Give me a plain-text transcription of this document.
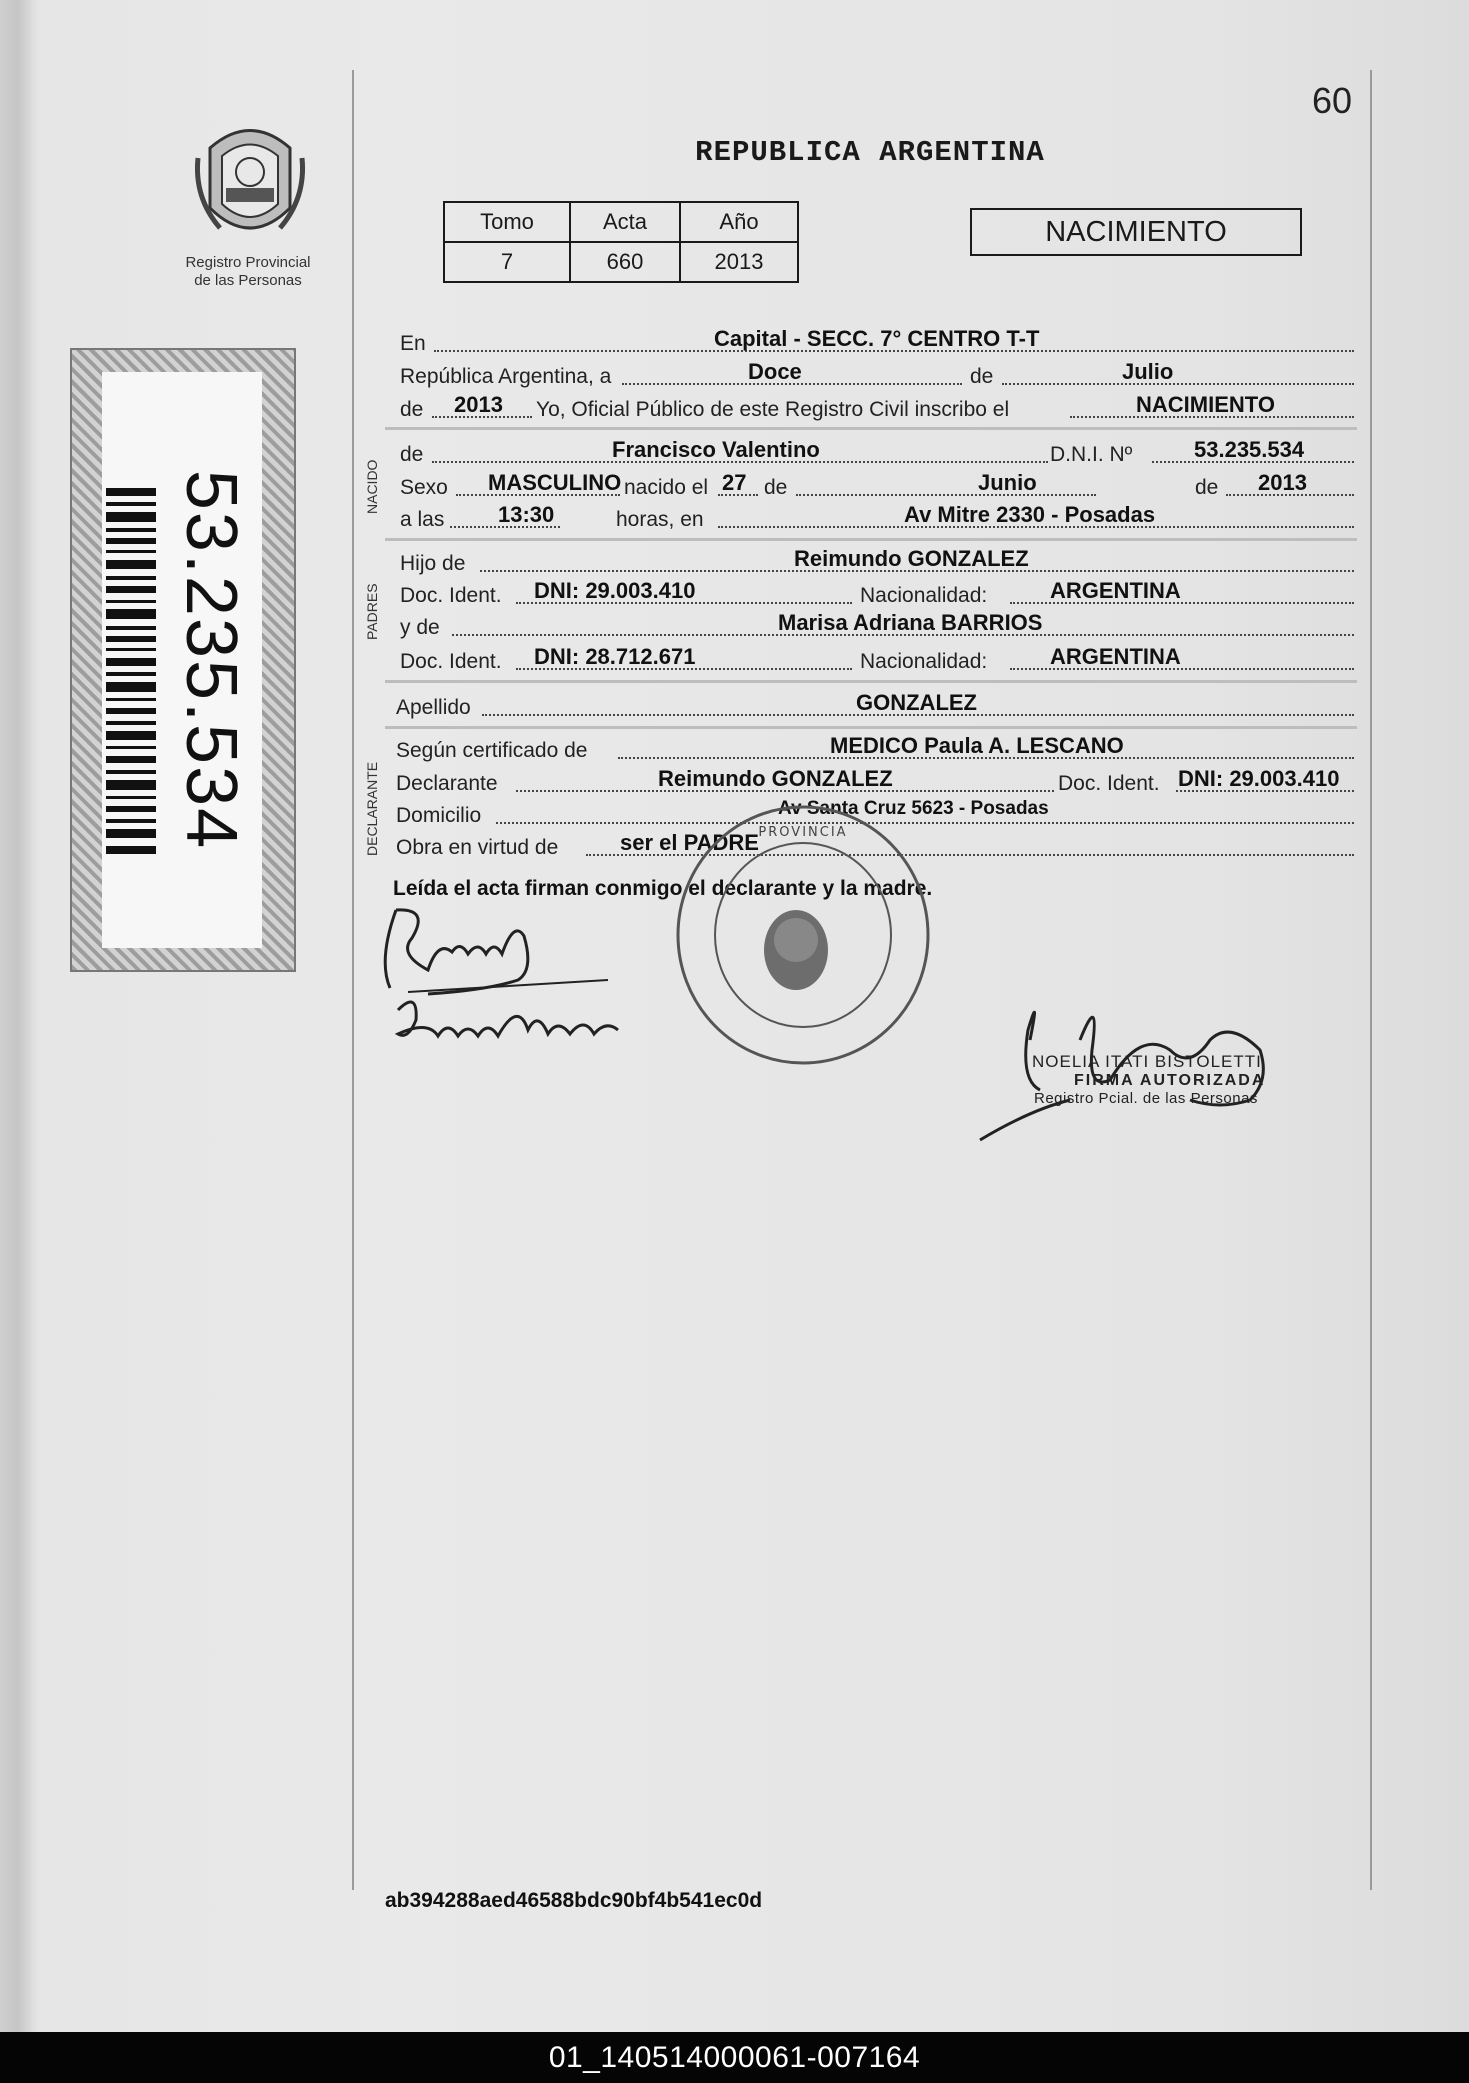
60
REPUBLICA ARGENTINA
Registro Provincial
de las Personas
Tomo	Acta	Año
7	660	2013
NACIMIENTO
53.235.534	NACIDO
PADRES
DECLARANTE
En	Capital - SECC. 7° CENTRO T-T
República Argentina, a	Doce	de	Julio
de 2013 Yo, Oficial Público de este Registro Civil inscribo el	NACIMIENTO
de	Francisco Valentino	D.N.I. Nº	53.235.534
Sexo MASCULINO nacido el 27 de	Junio	de 2013
a las 13:30	horas, en	Av Mitre 2330 - Posadas
Hijo de	Reimundo GONZALEZ
Doc. Ident. DNI: 29.003.410	Nacionalidad:	ARGENTINA
y de	Marisa Adriana BARRIOS
Doc. Ident. DNI: 28.712.671	Nacionalidad:	ARGENTINA
Apellido	GONZALEZ
Según certificado de	MEDICO Paula A. LESCANO
Declarante	Reimundo GONZALEZ	Doc. Ident. DNI: 29.003.410
Domicilio	Av Santa Cruz 5623 - Posadas
Obra en virtud de	ser el PADRE
Leída el acta firman conmigo el declarante y la madre.
PROVINCIA
NOELIA ITATI BISTOLETTI
FIRMA AUTORIZADA
Registro Pcial. de las Personas
ab394288aed46588bdc90bf4b541ec0d
01_140514000061-007164
